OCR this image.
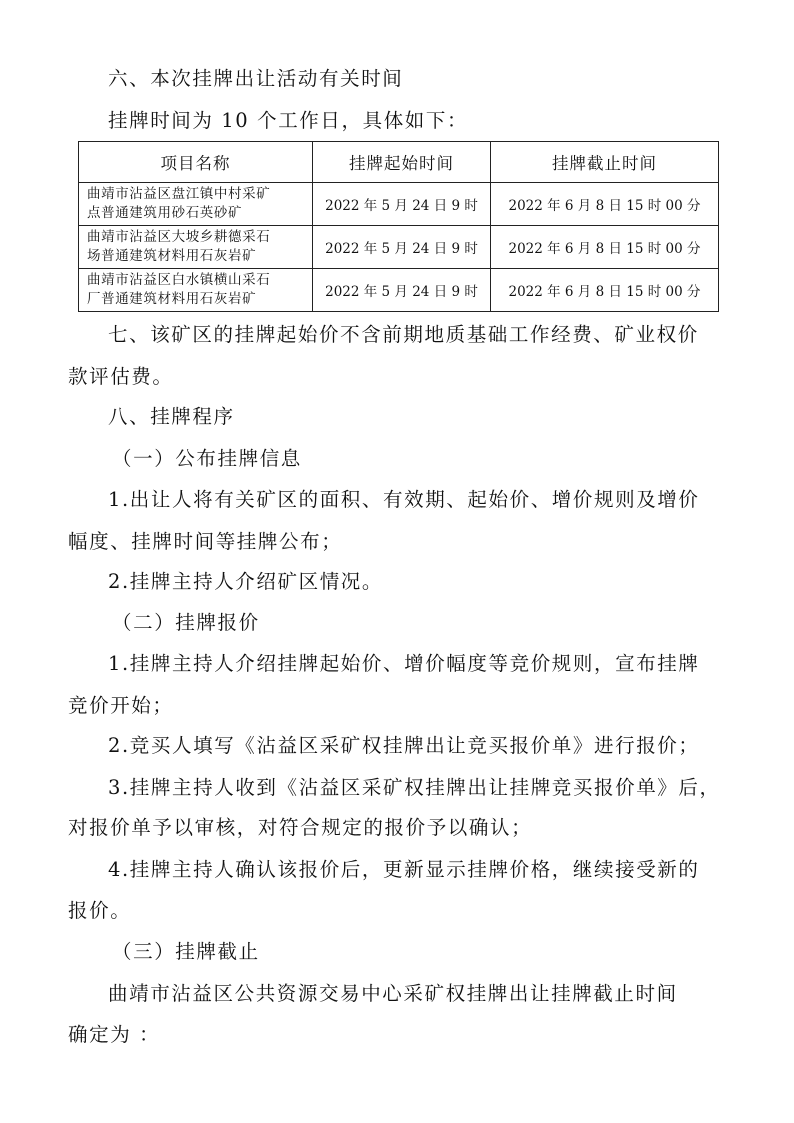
六、本次挂牌出让活动有关时间
挂牌时间为 10 个工作日，具体如下：
项目名称	挂牌起始时间	挂牌截止时间

曲靖市沾益区盘江镇中村采矿
点普通建筑用砂石英砂矿	2022 年 5 月 24 日 9 时	2022 年 6 月 8 日 15 时 00 分

曲靖市沾益区大坡乡耕德采石
场普通建筑材料用石灰岩矿	2022 年 5 月 24 日 9 时	2022 年 6 月 8 日 15 时 00 分

曲靖市沾益区白水镇横山采石
厂普通建筑材料用石灰岩矿	2022 年 5 月 24 日 9 时	2022 年 6 月 8 日 15 时 00 分
七、该矿区的挂牌起始价不含前期地质基础工作经费、矿业权价
款评估费。
八、挂牌程序
（一）公布挂牌信息
1.出让人将有关矿区的面积、有效期、起始价、增价规则及增价
幅度、挂牌时间等挂牌公布；
2.挂牌主持人介绍矿区情况。
（二）挂牌报价
1.挂牌主持人介绍挂牌起始价、增价幅度等竞价规则，宣布挂牌
竞价开始；
2.竞买人填写《沾益区采矿权挂牌出让竞买报价单》进行报价；
3.挂牌主持人收到《沾益区采矿权挂牌出让挂牌竞买报价单》后，
对报价单予以审核，对符合规定的报价予以确认；
4.挂牌主持人确认该报价后，更新显示挂牌价格，继续接受新的
报价。
（三）挂牌截止
曲靖市沾益区公共资源交易中心采矿权挂牌出让挂牌截止时间
确定为 ：
